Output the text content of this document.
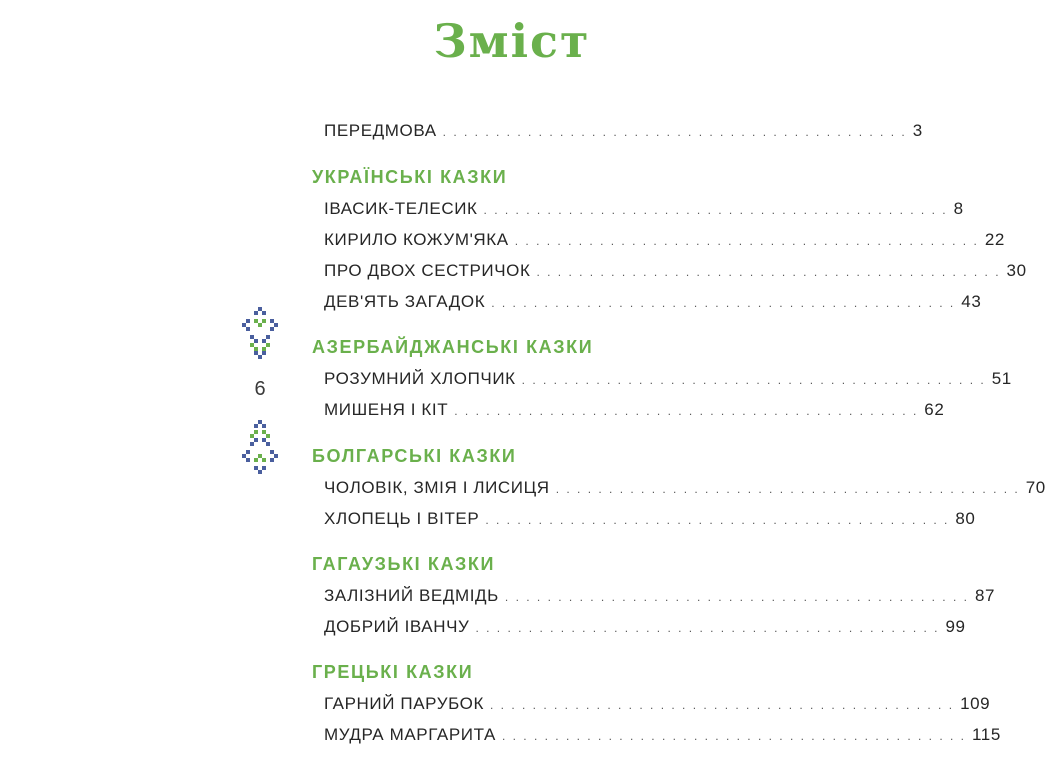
Зміст
6
ПЕРЕДМОВА . . . . . . . . . . . . . . . . . . . . . . . . . . . . . . . . . . . . . . . . . . . . 3
УКРАЇНСЬКІ КАЗКИ
ІВАСИК-ТЕЛЕСИК . . . . . . . . . . . . . . . . . . . . . . . . . . . . . . . . . . . . . . . . . . . . 8
КИРИЛО КОЖУМ'ЯКА . . . . . . . . . . . . . . . . . . . . . . . . . . . . . . . . . . . . . . . . . . . . 22
ПРО ДВОХ СЕСТРИЧОК . . . . . . . . . . . . . . . . . . . . . . . . . . . . . . . . . . . . . . . . . . . . 30
ДЕВ'ЯТЬ ЗАГАДОК . . . . . . . . . . . . . . . . . . . . . . . . . . . . . . . . . . . . . . . . . . . . 43
АЗЕРБАЙДЖАНСЬКІ КАЗКИ
РОЗУМНИЙ ХЛОПЧИК . . . . . . . . . . . . . . . . . . . . . . . . . . . . . . . . . . . . . . . . . . . . 51
МИШЕНЯ І КІТ . . . . . . . . . . . . . . . . . . . . . . . . . . . . . . . . . . . . . . . . . . . . 62
БОЛГАРСЬКІ КАЗКИ
ЧОЛОВІК, ЗМІЯ І ЛИСИЦЯ . . . . . . . . . . . . . . . . . . . . . . . . . . . . . . . . . . . . . . . . . . . . 70
ХЛОПЕЦЬ І ВІТЕР . . . . . . . . . . . . . . . . . . . . . . . . . . . . . . . . . . . . . . . . . . . . 80
ГАГАУЗЬКІ КАЗКИ
ЗАЛІЗНИЙ ВЕДМІДЬ . . . . . . . . . . . . . . . . . . . . . . . . . . . . . . . . . . . . . . . . . . . . 87
ДОБРИЙ ІВАНЧУ . . . . . . . . . . . . . . . . . . . . . . . . . . . . . . . . . . . . . . . . . . . . 99
ГРЕЦЬКІ КАЗКИ
ГАРНИЙ ПАРУБОК . . . . . . . . . . . . . . . . . . . . . . . . . . . . . . . . . . . . . . . . . . . . 109
МУДРА МАРГАРИТА . . . . . . . . . . . . . . . . . . . . . . . . . . . . . . . . . . . . . . . . . . . . 115
